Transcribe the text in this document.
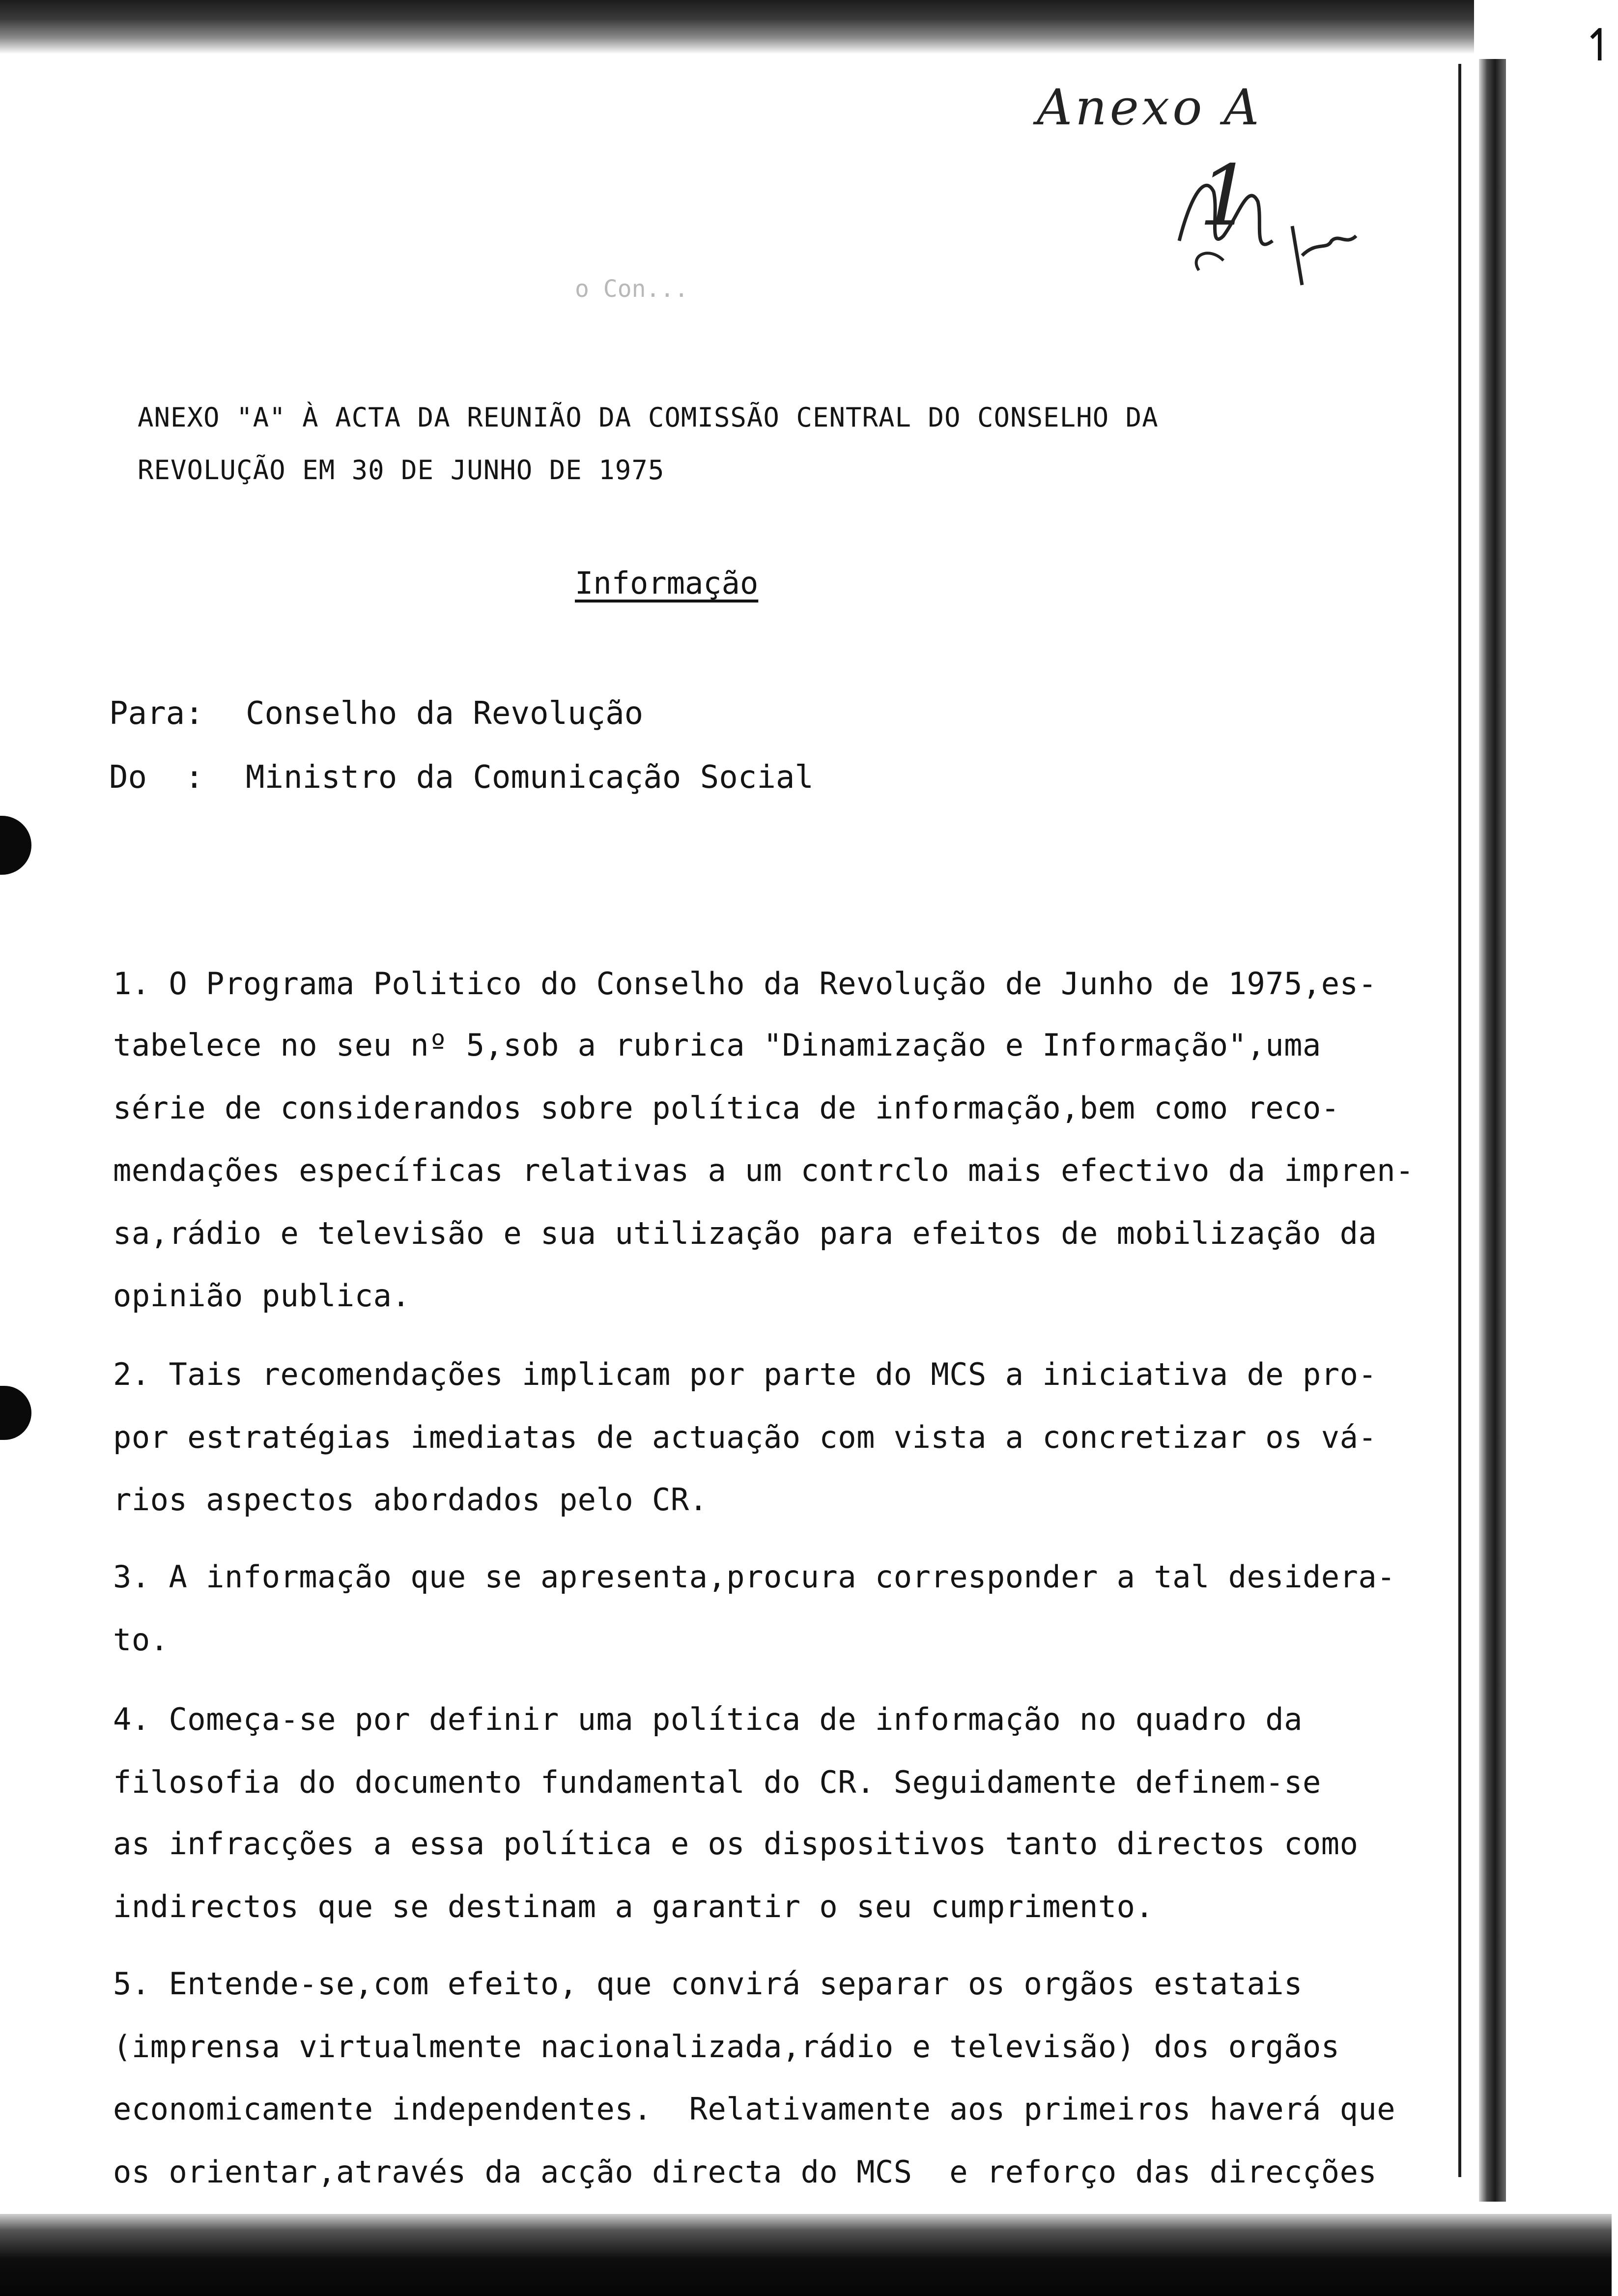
↿
Anexo A
1
o Con...
ANEXO "A" À ACTA DA REUNIÃO DA COMISSÃO CENTRAL DO CONSELHO DA
REVOLUÇÃO EM 30 DE JUNHO DE 1975
Informação
Para: Conselho da Revolução
Do  : Ministro da Comunicação Social
1. O Programa Politico do Conselho da Revolução de Junho de 1975,es-
tabelece no seu nº 5,sob a rubrica "Dinamização e Informação",uma
série de considerandos sobre política de informação,bem como reco-
mendações específicas relativas a um contrclo mais efectivo da impren-
sa,rádio e televisão e sua utilização para efeitos de mobilização da
opinião publica.
2. Tais recomendações implicam por parte do MCS a iniciativa de pro-
por estratégias imediatas de actuação com vista a concretizar os vá-
rios aspectos abordados pelo CR.
3. A informação que se apresenta,procura corresponder a tal desidera-
to.
4. Começa-se por definir uma política de informação no quadro da
filosofia do documento fundamental do CR. Seguidamente definem-se
as infracções a essa política e os dispositivos tanto directos como
indirectos que se destinam a garantir o seu cumprimento.
5. Entende-se,com efeito, que convirá separar os orgãos estatais
(imprensa virtualmente nacionalizada,rádio e televisão) dos orgãos
economicamente independentes.  Relativamente aos primeiros haverá que
os orientar,através da acção directa do MCS  e reforço das direcções
